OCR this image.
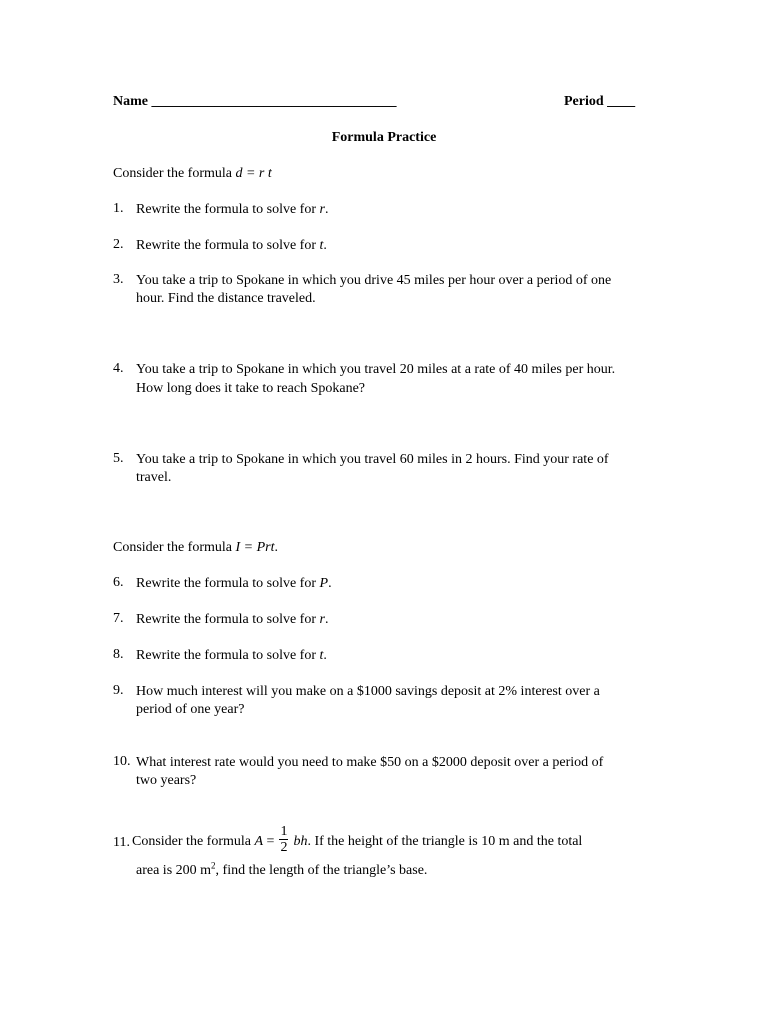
Name ___________________________________	Period ____
Formula Practice
Consider the formula d = r t
1. Rewrite the formula to solve for r.
2. Rewrite the formula to solve for t.
3. You take a trip to Spokane in which you drive 45 miles per hour over a period of one
hour. Find the distance traveled.
4. You take a trip to Spokane in which you travel 20 miles at a rate of 40 miles per hour.
How long does it take to reach Spokane?
5. You take a trip to Spokane in which you travel 60 miles in 2 hours. Find your rate of
travel.
Consider the formula I = Prt.
6. Rewrite the formula to solve for P.
7. Rewrite the formula to solve for r.
8. Rewrite the formula to solve for t.
9. How much interest will you make on a $1000 savings deposit at 2% interest over a
period of one year?
10. What interest rate would you need to make $50 on a $2000 deposit over a period of
two years?
11. Consider the formula $A = \frac{1}{2}$ bh. If the height of the triangle is 10 m and the total
area is 200 $m^2$, find the length of the triangle’s base.
